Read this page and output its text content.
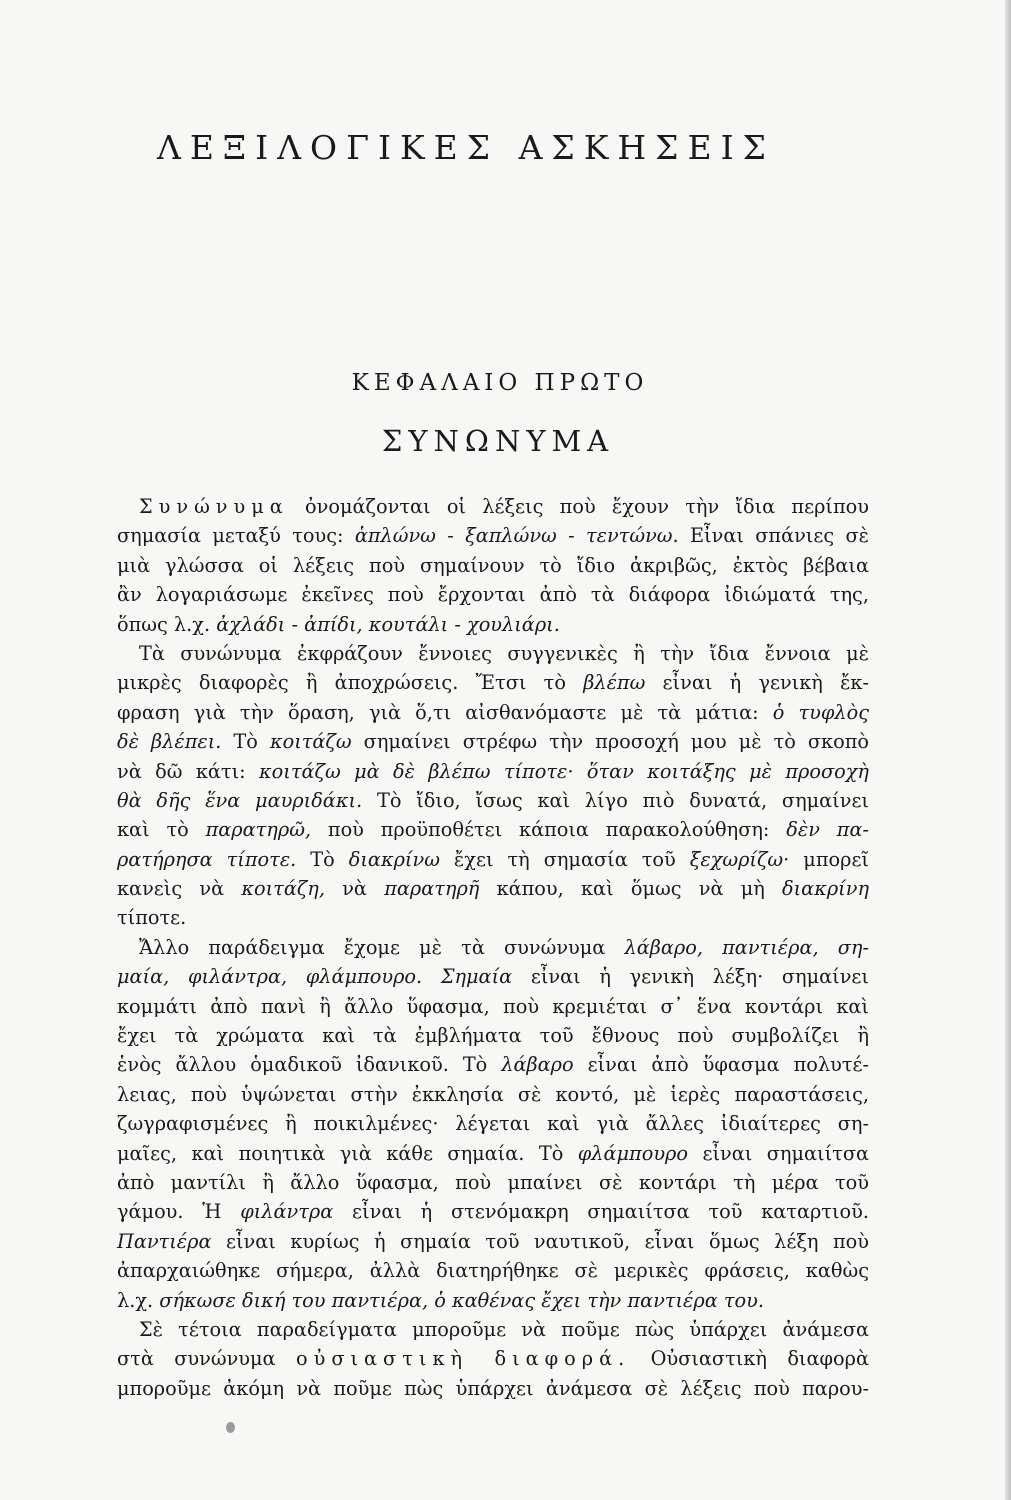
ΛΕΞΙΛΟΓΙΚΕΣ ΑΣΚΗΣΕΙΣ
ΚΕΦΑΛΑΙΟ ΠΡΩΤΟ
ΣΥΝΩΝΥΜΑ
Συνώνυμα ὀνομάζονται οἱ λέξεις ποὺ ἔχουν τὴν ἴδια περίπου
σημασία μεταξύ τους: ἁπλώνω - ξαπλώνω - τεντώνω. Εἶναι σπάνιες σὲ
μιὰ γλώσσα οἱ λέξεις ποὺ σημαίνουν τὸ ἴδιο ἀκριβῶς, ἐκτὸς βέβαια
ἂν λογαριάσωμε ἐκεῖνες ποὺ ἔρχονται ἀπὸ τὰ διάφορα ἰδιώματά της,
ὅπως λ.χ. ἀχλάδι - ἀπίδι, κουτάλι - χουλιάρι.
Τὰ συνώνυμα ἐκφράζουν ἔννοιες συγγενικὲς ἢ τὴν ἴδια ἔννοια μὲ
μικρὲς διαφορὲς ἢ ἀποχρώσεις. Ἔτσι τὸ βλέπω εἶναι ἡ γενικὴ ἔκ-
φραση γιὰ τὴν ὅραση, γιὰ ὅ,τι αἰσθανόμαστε μὲ τὰ μάτια: ὁ τυφλὸς
δὲ βλέπει. Τὸ κοιτάζω σημαίνει στρέφω τὴν προσοχή μου μὲ τὸ σκοπὸ
νὰ δῶ κάτι: κοιτάζω μὰ δὲ βλέπω τίποτε· ὅταν κοιτάξης μὲ προσοχὴ
θὰ δῆς ἕνα μαυριδάκι. Τὸ ἴδιο, ἴσως καὶ λίγο πιὸ δυνατά, σημαίνει
καὶ τὸ παρατηρῶ, ποὺ προϋποθέτει κάποια παρακολούθηση: δὲν πα-
ρατήρησα τίποτε. Τὸ διακρίνω ἔχει τὴ σημασία τοῦ ξεχωρίζω· μπορεῖ
κανεὶς νὰ κοιτάζη, νὰ παρατηρῆ κάπου, καὶ ὅμως νὰ μὴ διακρίνη
τίποτε.
Ἄλλο παράδειγμα ἔχομε μὲ τὰ συνώνυμα λάβαρο, παντιέρα, ση-
μαία, φιλάντρα, φλάμπουρο. Σημαία εἶναι ἡ γενικὴ λέξη· σημαίνει
κομμάτι ἀπὸ πανὶ ἢ ἄλλο ὕφασμα, ποὺ κρεμιέται σ᾽ ἕνα κοντάρι καὶ
ἔχει τὰ χρώματα καὶ τὰ ἐμβλήματα τοῦ ἔθνους ποὺ συμβολίζει ἢ
ἑνὸς ἄλλου ὁμαδικοῦ ἰδανικοῦ. Τὸ λάβαρο εἶναι ἀπὸ ὕφασμα πολυτέ-
λειας, ποὺ ὑψώνεται στὴν ἐκκλησία σὲ κοντό, μὲ ἱερὲς παραστάσεις,
ζωγραφισμένες ἢ ποικιλμένες· λέγεται καὶ γιὰ ἄλλες ἰδιαίτερες ση-
μαῖες, καὶ ποιητικὰ γιὰ κάθε σημαία. Τὸ φλάμπουρο εἶναι σημαιίτσα
ἀπὸ μαντίλι ἢ ἄλλο ὕφασμα, ποὺ μπαίνει σὲ κοντάρι τὴ μέρα τοῦ
γάμου. Ἡ φιλάντρα εἶναι ἡ στενόμακρη σημαιίτσα τοῦ καταρτιοῦ.
Παντιέρα εἶναι κυρίως ἡ σημαία τοῦ ναυτικοῦ, εἶναι ὅμως λέξη ποὺ
ἀπαρχαιώθηκε σήμερα, ἀλλὰ διατηρήθηκε σὲ μερικὲς φράσεις, καθὼς
λ.χ. σήκωσε δική του παντιέρα, ὁ καθένας ἔχει τὴν παντιέρα του.
Σὲ τέτοια παραδείγματα μποροῦμε νὰ ποῦμε πὼς ὑπάρχει ἀνάμεσα
στὰ συνώνυμα οὐσιαστικὴ διαφορά. Οὐσιαστικὴ διαφορὰ
μποροῦμε ἀκόμη νὰ ποῦμε πὼς ὑπάρχει ἀνάμεσα σὲ λέξεις ποὺ παρου-
